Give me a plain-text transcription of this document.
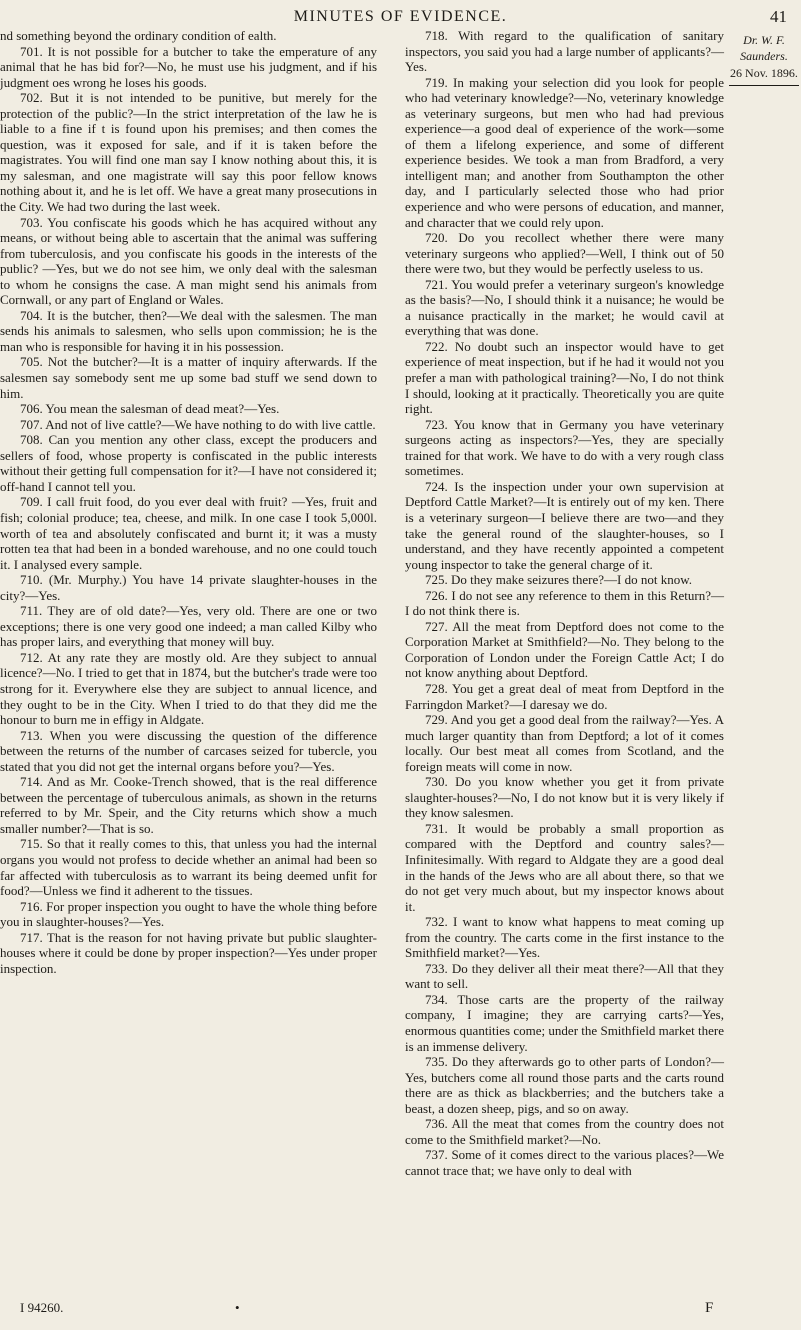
MINUTES OF EVIDENCE.	41

nd something beyond the ordinary condition of ealth.

701. It is not possible for a butcher to take the emperature of any animal that he has bid for?—No, he must use his judgment, and if his judgment oes wrong he loses his goods.

702. But it is not intended to be punitive, but merely for the protection of the public?—In the strict interpretation of the law he is liable to a fine if t is found upon his premises; and then comes the question, was it exposed for sale, and if it is taken before the magistrates. You will find one man say I know nothing about this, it is my salesman, and one magistrate will say this poor fellow knows nothing about it, and he is let off. We have a great many prosecutions in the City. We had two during the last week.

703. You confiscate his goods which he has acquired without any means, or without being able to ascertain that the animal was suffering from tuberculosis, and you confiscate his goods in the interests of the public? —Yes, but we do not see him, we only deal with the salesman to whom he consigns the case. A man might send his animals from Cornwall, or any part of England or Wales.

704. It is the butcher, then?—We deal with the salesmen. The man sends his animals to salesmen, who sells upon commission; he is the man who is responsible for having it in his possession.

705. Not the butcher?—It is a matter of inquiry afterwards. If the salesmen say somebody sent me up some bad stuff we send down to him.

706. You mean the salesman of dead meat?—Yes.

707. And not of live cattle?—We have nothing to do with live cattle.

708. Can you mention any other class, except the producers and sellers of food, whose property is confiscated in the public interests without their getting full compensation for it?—I have not considered it; off-hand I cannot tell you.

709. I call fruit food, do you ever deal with fruit? —Yes, fruit and fish; colonial produce; tea, cheese, and milk. In one case I took 5,000l. worth of tea and absolutely confiscated and burnt it; it was a musty rotten tea that had been in a bonded warehouse, and no one could touch it. I analysed every sample.

710. (Mr. Murphy.) You have 14 private slaughter-houses in the city?—Yes.

711. They are of old date?—Yes, very old. There are one or two exceptions; there is one very good one indeed; a man called Kilby who has proper lairs, and everything that money will buy.

712. At any rate they are mostly old. Are they subject to annual licence?—No. I tried to get that in 1874, but the butcher's trade were too strong for it. Everywhere else they are subject to annual licence, and they ought to be in the City. When I tried to do that they did me the honour to burn me in effigy in Aldgate.

713. When you were discussing the question of the difference between the returns of the number of carcases seized for tubercle, you stated that you did not get the internal organs before you?—Yes.

714. And as Mr. Cooke-Trench showed, that is the real difference between the percentage of tuberculous animals, as shown in the returns referred to by Mr. Speir, and the City returns which show a much smaller number?—That is so.

715. So that it really comes to this, that unless you had the internal organs you would not profess to decide whether an animal had been so far affected with tuberculosis as to warrant its being deemed unfit for food?—Unless we find it adherent to the tissues.

716. For proper inspection you ought to have the whole thing before you in slaughter-houses?—Yes.

717. That is the reason for not having private but public slaughter-houses where it could be done by proper inspection?—Yes under proper inspection.

718. With regard to the qualification of sanitary inspectors, you said you had a large number of applicants?—Yes.

719. In making your selection did you look for people who had veterinary knowledge?—No, veterinary knowledge as veterinary surgeons, but men who had had previous experience—a good deal of experience of the work—some of them a lifelong experience, and some of different experience besides. We took a man from Bradford, a very intelligent man; and another from Southampton the other day, and I particularly selected those who had prior experience and who were persons of education, and manner, and character that we could rely upon.

720. Do you recollect whether there were many veterinary surgeons who applied?—Well, I think out of 50 there were two, but they would be perfectly useless to us.

721. You would prefer a veterinary surgeon's knowledge as the basis?—No, I should think it a nuisance; he would be a nuisance practically in the market; he would cavil at everything that was done.

722. No doubt such an inspector would have to get experience of meat inspection, but if he had it would not you prefer a man with pathological training?—No, I do not think I should, looking at it practically. Theoretically you are quite right.

723. You know that in Germany you have veterinary surgeons acting as inspectors?—Yes, they are specially trained for that work. We have to do with a very rough class sometimes.

724. Is the inspection under your own supervision at Deptford Cattle Market?—It is entirely out of my ken. There is a veterinary surgeon—I believe there are two—and they take the general round of the slaughter-houses, so I understand, and they have recently appointed a competent young inspector to take the general charge of it.

725. Do they make seizures there?—I do not know.

726. I do not see any reference to them in this Return?—I do not think there is.

727. All the meat from Deptford does not come to the Corporation Market at Smithfield?—No. They belong to the Corporation of London under the Foreign Cattle Act; I do not know anything about Deptford.

728. You get a great deal of meat from Deptford in the Farringdon Market?—I daresay we do.

729. And you get a good deal from the railway?—Yes. A much larger quantity than from Deptford; a lot of it comes locally. Our best meat all comes from Scotland, and the foreign meats will come in now.

730. Do you know whether you get it from private slaughter-houses?—No, I do not know but it is very likely if they know salesmen.

731. It would be probably a small proportion as compared with the Deptford and country sales?—Infinitesimally. With regard to Aldgate they are a good deal in the hands of the Jews who are all about there, so that we do not get very much about, but my inspector knows about it.

732. I want to know what happens to meat coming up from the country. The carts come in the first instance to the Smithfield market?—Yes.

733. Do they deliver all their meat there?—All that they want to sell.

734. Those carts are the property of the railway company, I imagine; they are carrying carts?—Yes, enormous quantities come; under the Smithfield market there is an immense delivery.

735. Do they afterwards go to other parts of London?—Yes, butchers come all round those parts and the carts round there are as thick as blackberries; and the butchers take a beast, a dozen sheep, pigs, and so on away.

736. All the meat that comes from the country does not come to the Smithfield market?—No.

737. Some of it comes direct to the various places?—We cannot trace that; we have only to deal with

Dr. W. F. Saunders.
26 Nov. 1896.
I 94260.	•	F
